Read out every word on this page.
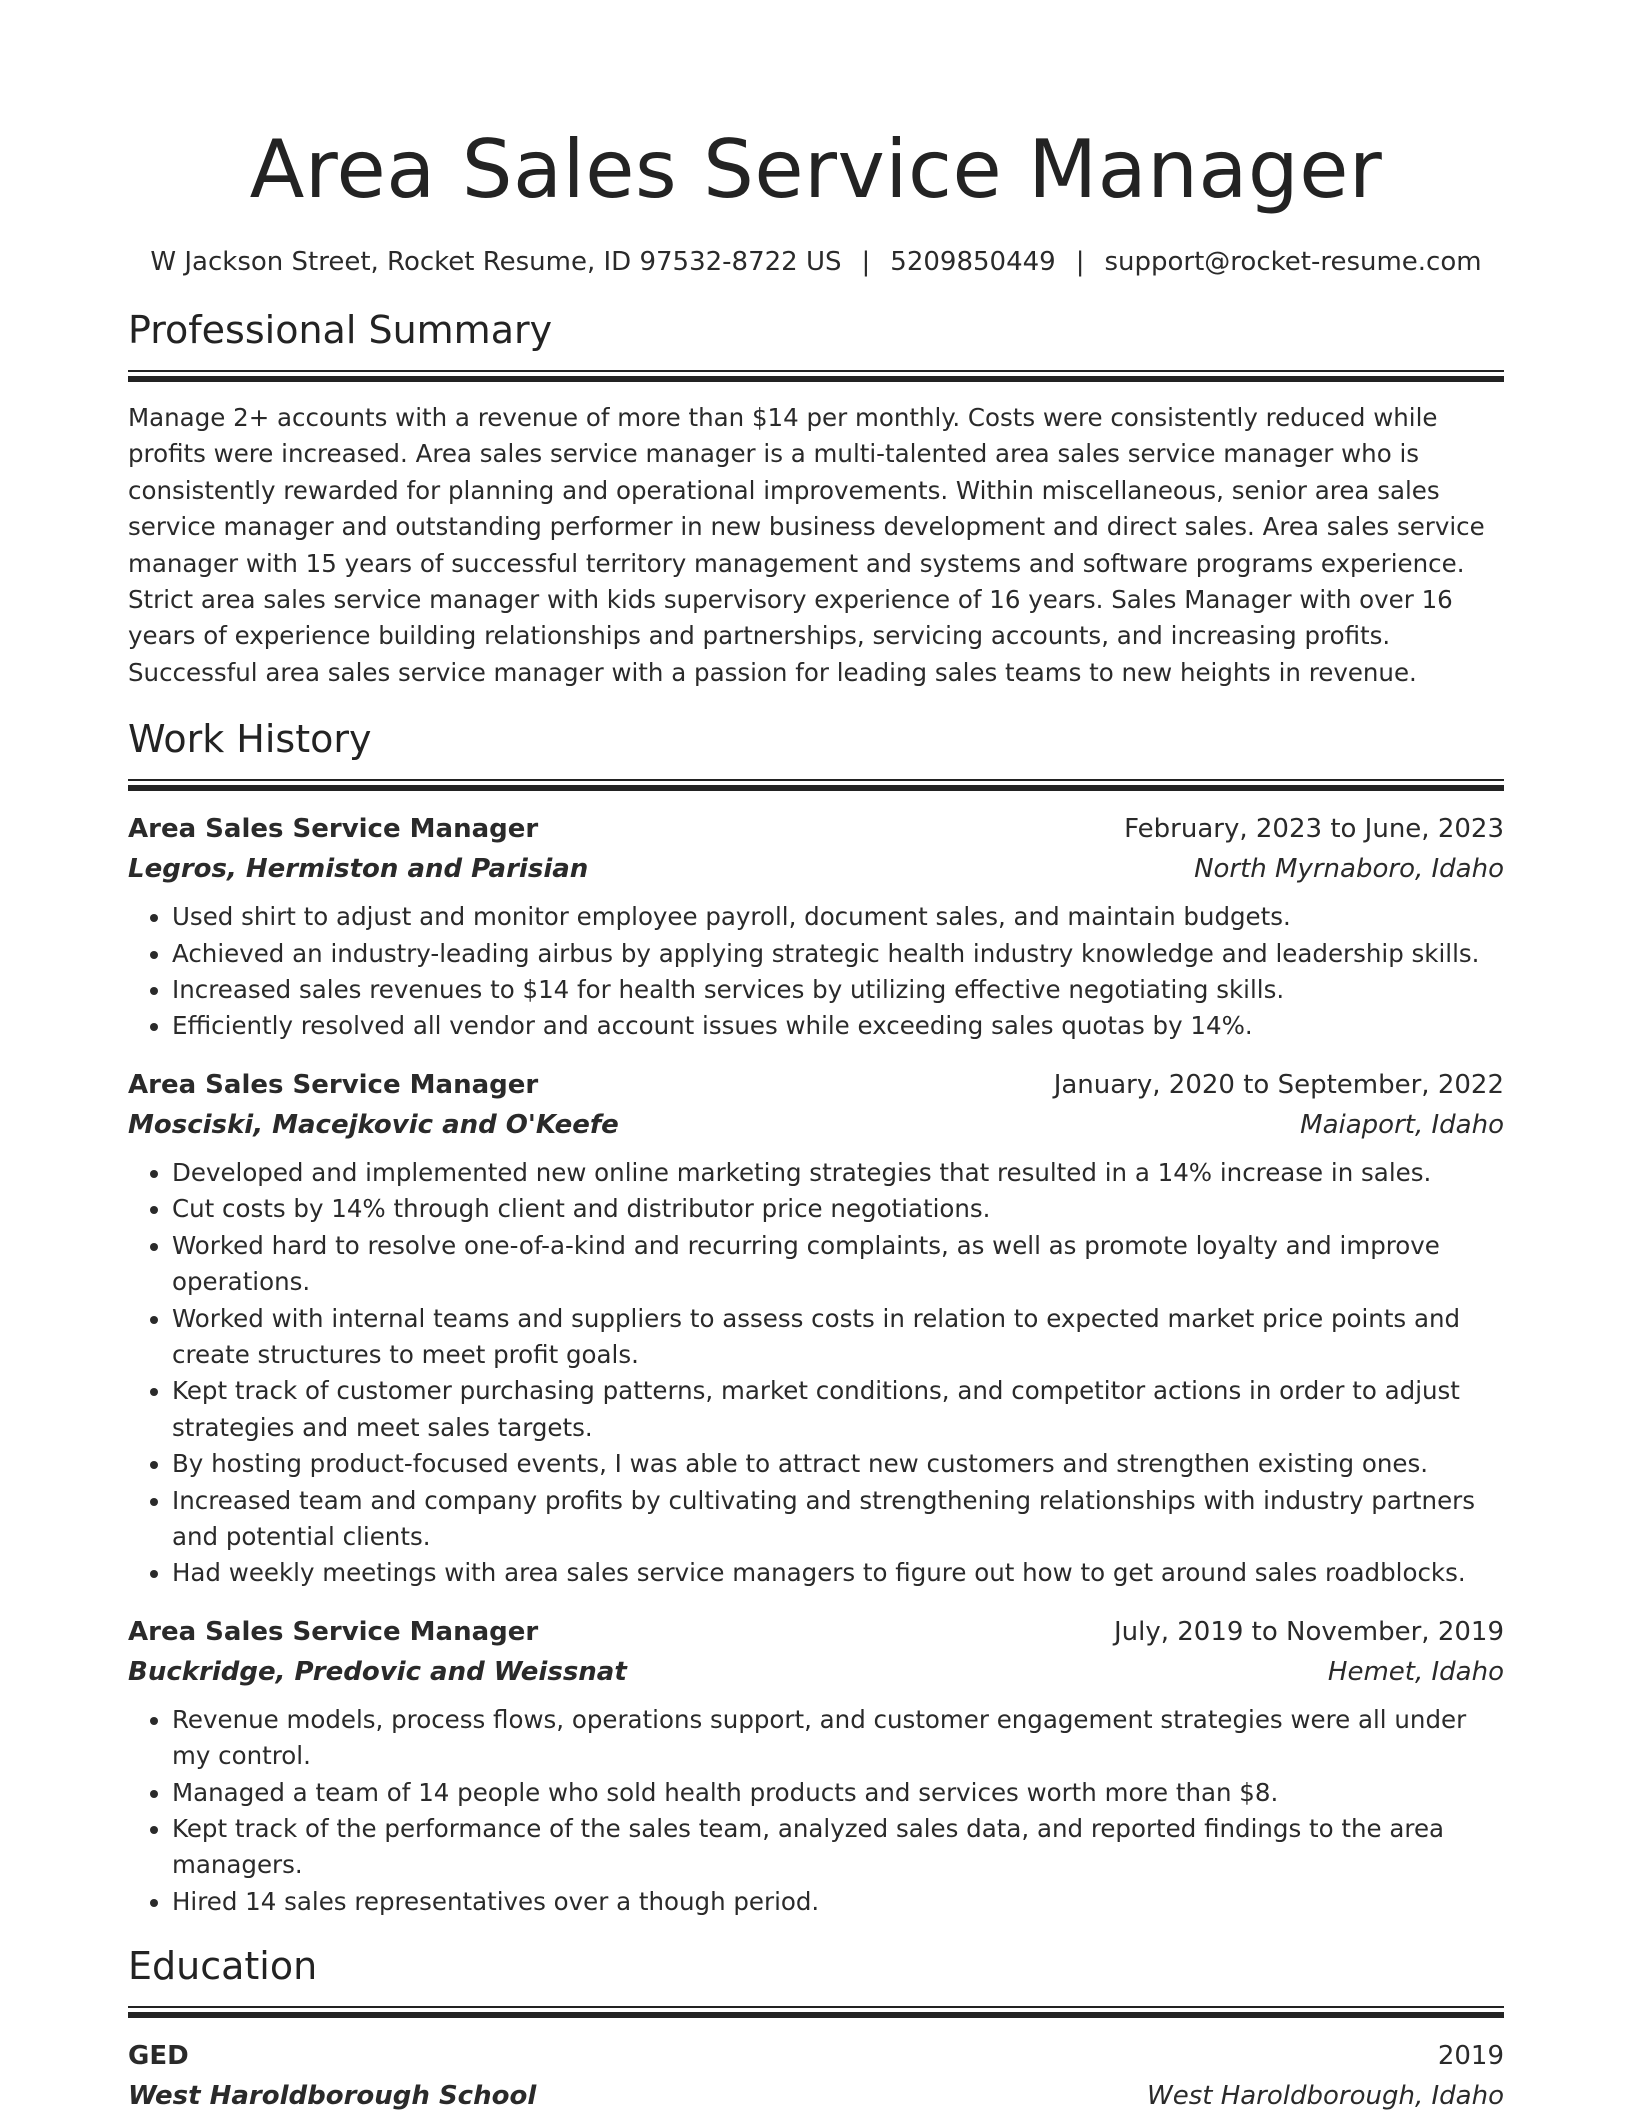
Area Sales Service Manager
W Jackson Street, Rocket Resume, ID 97532-8722 US | 5209850449 | support@rocket-resume.com
Professional Summary

Manage 2+ accounts with a revenue of more than $14 per monthly. Costs were consistently reduced while profits were increased. Area sales service manager is a multi-talented area sales service manager who is consistently rewarded for planning and operational improvements. Within miscellaneous, senior area sales service manager and outstanding performer in new business development and direct sales. Area sales service manager with 15 years of successful territory management and systems and software programs experience. Strict area sales service manager with kids supervisory experience of 16 years. Sales Manager with over 16 years of experience building relationships and partnerships, servicing accounts, and increasing profits. Successful area sales service manager with a passion for leading sales teams to new heights in revenue.

Work History
Area Sales Service Manager	February, 2023 to June, 2023
Legros, Hermiston and Parisian	North Myrnaboro, Idaho
• Used shirt to adjust and monitor employee payroll, document sales, and maintain budgets.
• Achieved an industry-leading airbus by applying strategic health industry knowledge and leadership skills.
• Increased sales revenues to $14 for health services by utilizing effective negotiating skills.
• Efficiently resolved all vendor and account issues while exceeding sales quotas by 14%.
Area Sales Service Manager	January, 2020 to September, 2022
Mosciski, Macejkovic and O'Keefe	Maiaport, Idaho
• Developed and implemented new online marketing strategies that resulted in a 14% increase in sales.
• Cut costs by 14% through client and distributor price negotiations.
• Worked hard to resolve one-of-a-kind and recurring complaints, as well as promote loyalty and improve operations.
• Worked with internal teams and suppliers to assess costs in relation to expected market price points and create structures to meet profit goals.
• Kept track of customer purchasing patterns, market conditions, and competitor actions in order to adjust strategies and meet sales targets.
• By hosting product-focused events, I was able to attract new customers and strengthen existing ones.
• Increased team and company profits by cultivating and strengthening relationships with industry partners and potential clients.
• Had weekly meetings with area sales service managers to figure out how to get around sales roadblocks.
Area Sales Service Manager	July, 2019 to November, 2019
Buckridge, Predovic and Weissnat	Hemet, Idaho
• Revenue models, process flows, operations support, and customer engagement strategies were all under my control.
• Managed a team of 14 people who sold health products and services worth more than $8.
• Kept track of the performance of the sales team, analyzed sales data, and reported findings to the area managers.
• Hired 14 sales representatives over a though period.
Education
GED	2019
West Haroldborough School	West Haroldborough, Idaho
